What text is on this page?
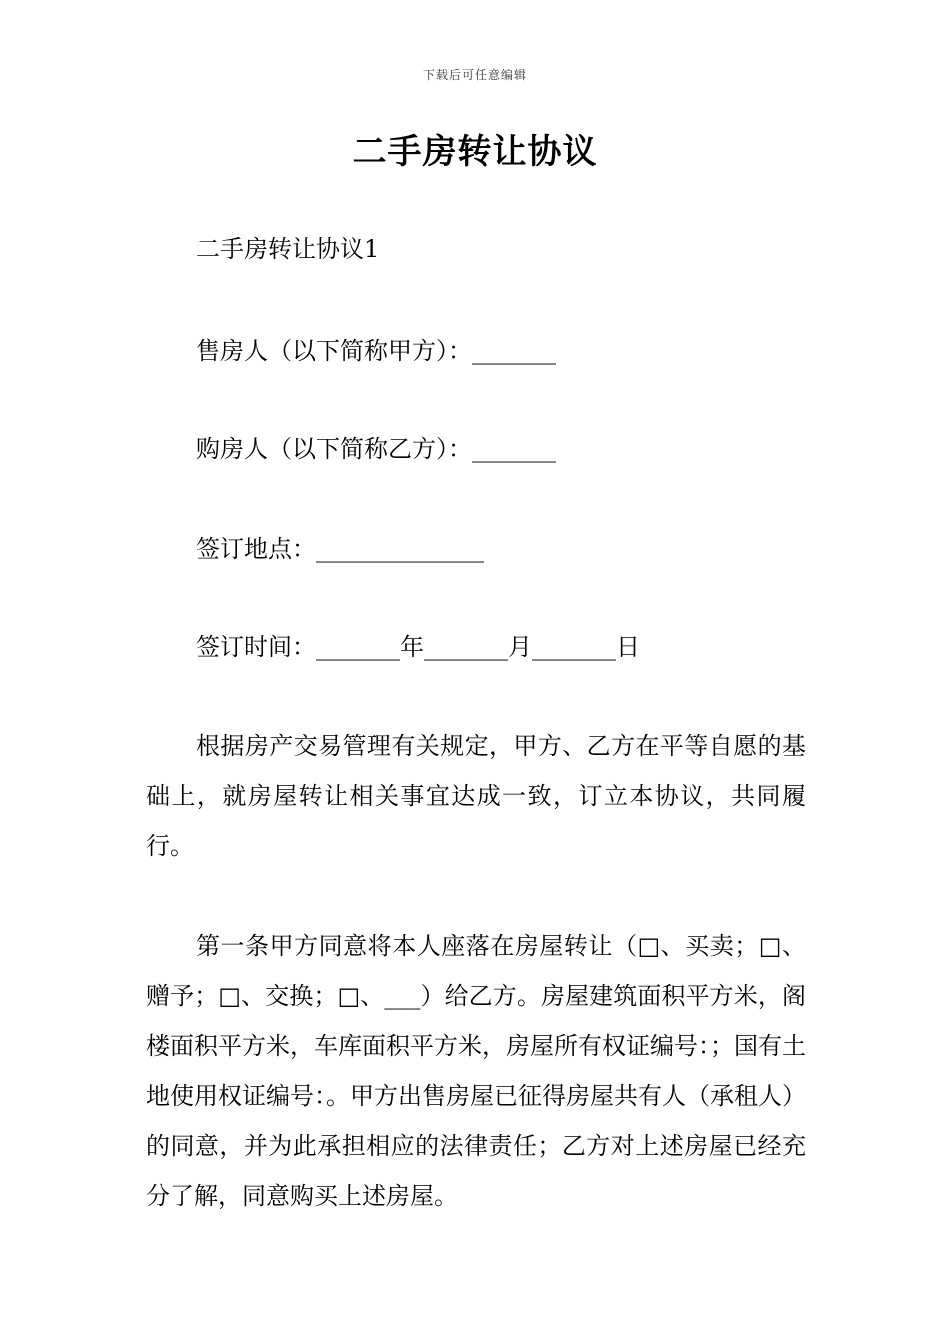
下载后可任意编辑
二手房转让协议
二手房转让协议1
售房人（以下简称甲方）：_______
购房人（以下简称乙方）：_______
签订地点：______________
签订时间：_______年_______月_______日
根据房产交易管理有关规定，甲方、乙方在平等自愿的基础上，就房屋转让相关事宜达成一致，订立本协议，共同履行。
第一条甲方同意将本人座落在房屋转让（□、买卖；□、赠予；□、交换；□、___）给乙方。房屋建筑面积平方米，阁楼面积平方米，车库面积平方米，房屋所有权证编号：；国有土地使用权证编号：。甲方出售房屋已征得房屋共有人（承租人）的同意，并为此承担相应的法律责任；乙方对上述房屋已经充分了解，同意购买上述房屋。
